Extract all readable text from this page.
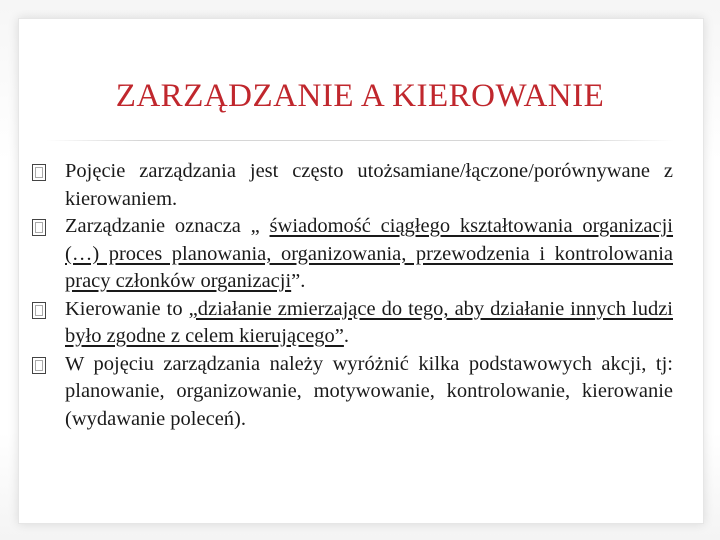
ZARZĄDZANIE A KIEROWANIE

Pojęcie zarządzania jest często utożsamiane/łączone/porównywane z kierowaniem.

Zarządzanie oznacza „ świadomość ciągłego kształtowania organizacji (…) proces planowania, organizowania, przewodzenia i kontrolowania pracy członków organizacji”.

Kierowanie to „działanie zmierzające do tego, aby działanie innych ludzi było zgodne z celem kierującego”.

W pojęciu zarządzania należy wyróżnić kilka podstawowych akcji, tj: planowanie, organizowanie, motywowanie, kontrolowanie, kierowanie (wydawanie poleceń).
